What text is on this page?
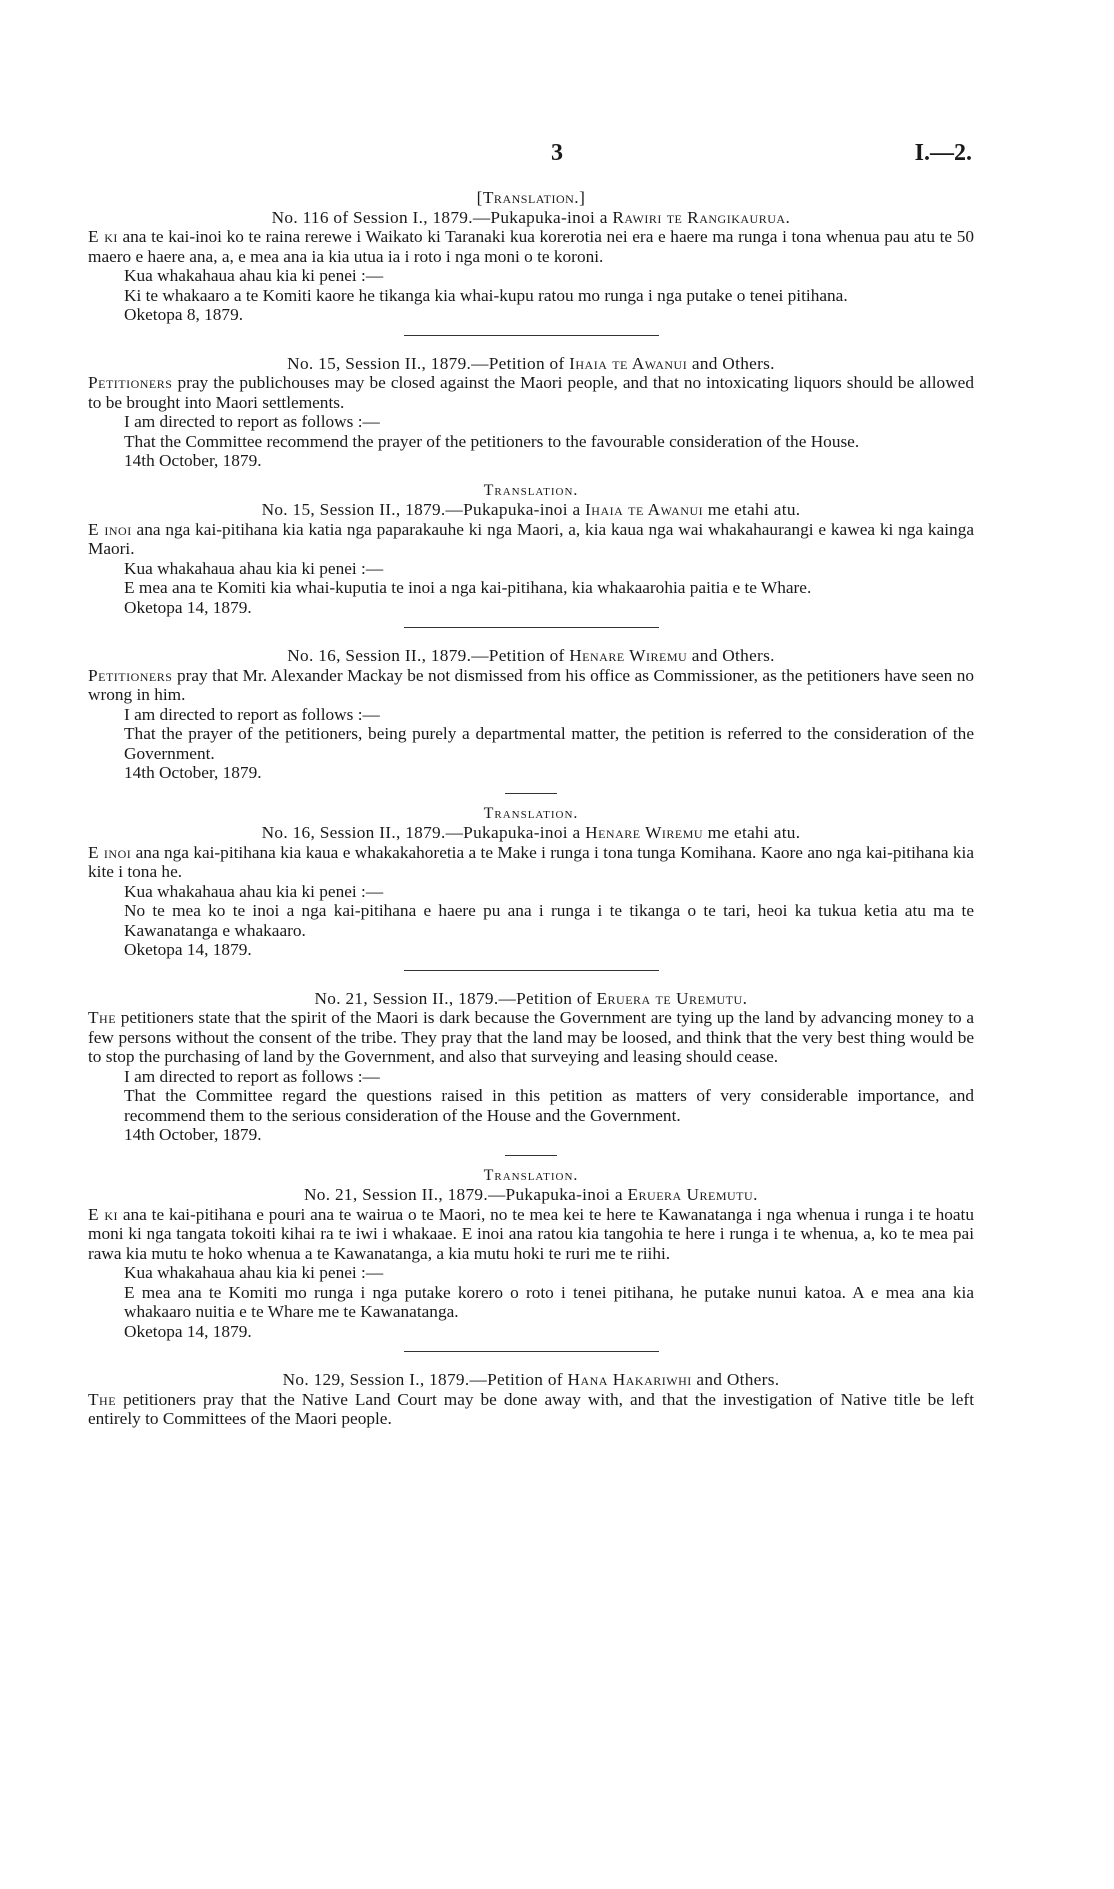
3	I.—2.
[Translation.]
No. 116 of Session I., 1879.—Pukapuka-inoi a Rawiri te Rangikaurua.

E ki ana te kai-inoi ko te raina rerewe i Waikato ki Taranaki kua korerotia nei era e haere ma runga i tona whenua pau atu te 50 maero e haere ana, a, e mea ana ia kia utua ia i roto i nga moni o te koroni.

Kua whakahaua ahau kia ki penei :—

Ki te whakaaro a te Komiti kaore he tikanga kia whai-kupu ratou mo runga i nga putake o tenei pitihana.

Oketopa 8, 1879.

No. 15, Session II., 1879.—Petition of Ihaia te Awanui and Others.

Petitioners pray the publichouses may be closed against the Maori people, and that no intoxicating liquors should be allowed to be brought into Maori settlements.

I am directed to report as follows :—

That the Committee recommend the prayer of the petitioners to the favourable consideration of the House.

14th October, 1879.

Translation.
No. 15, Session II., 1879.—Pukapuka-inoi a Ihaia te Awanui me etahi atu.

E inoi ana nga kai-pitihana kia katia nga paparakauhe ki nga Maori, a, kia kaua nga wai whakahaurangi e kawea ki nga kainga Maori.

Kua whakahaua ahau kia ki penei :—

E mea ana te Komiti kia whai-kuputia te inoi a nga kai-pitihana, kia whakaarohia paitia e te Whare.

Oketopa 14, 1879.

No. 16, Session II., 1879.—Petition of Henare Wiremu and Others.

Petitioners pray that Mr. Alexander Mackay be not dismissed from his office as Commissioner, as the petitioners have seen no wrong in him.

I am directed to report as follows :—

That the prayer of the petitioners, being purely a departmental matter, the petition is referred to the consideration of the Government.

14th October, 1879.

Translation.
No. 16, Session II., 1879.—Pukapuka-inoi a Henare Wiremu me etahi atu.

E inoi ana nga kai-pitihana kia kaua e whakakahoretia a te Make i runga i tona tunga Komihana. Kaore ano nga kai-pitihana kia kite i tona he.

Kua whakahaua ahau kia ki penei :—

No te mea ko te inoi a nga kai-pitihana e haere pu ana i runga i te tikanga o te tari, heoi ka tukua ketia atu ma te Kawanatanga e whakaaro.

Oketopa 14, 1879.

No. 21, Session II., 1879.—Petition of Eruera te Uremutu.

The petitioners state that the spirit of the Maori is dark because the Government are tying up the land by advancing money to a few persons without the consent of the tribe. They pray that the land may be loosed, and think that the very best thing would be to stop the purchasing of land by the Government, and also that surveying and leasing should cease.

I am directed to report as follows :—

That the Committee regard the questions raised in this petition as matters of very considerable importance, and recommend them to the serious consideration of the House and the Government.

14th October, 1879.

Translation.
No. 21, Session II., 1879.—Pukapuka-inoi a Eruera Uremutu.

E ki ana te kai-pitihana e pouri ana te wairua o te Maori, no te mea kei te here te Kawanatanga i nga whenua i runga i te hoatu moni ki nga tangata tokoiti kihai ra te iwi i whakaae. E inoi ana ratou kia tangohia te here i runga i te whenua, a, ko te mea pai rawa kia mutu te hoko whenua a te Kawanatanga, a kia mutu hoki te ruri me te riihi.

Kua whakahaua ahau kia ki penei :—

E mea ana te Komiti mo runga i nga putake korero o roto i tenei pitihana, he putake nunui katoa. A e mea ana kia whakaaro nuitia e te Whare me te Kawanatanga.

Oketopa 14, 1879.

No. 129, Session I., 1879.—Petition of Hana Hakariwhi and Others.

The petitioners pray that the Native Land Court may be done away with, and that the investigation of Native title be left entirely to Committees of the Maori people.
